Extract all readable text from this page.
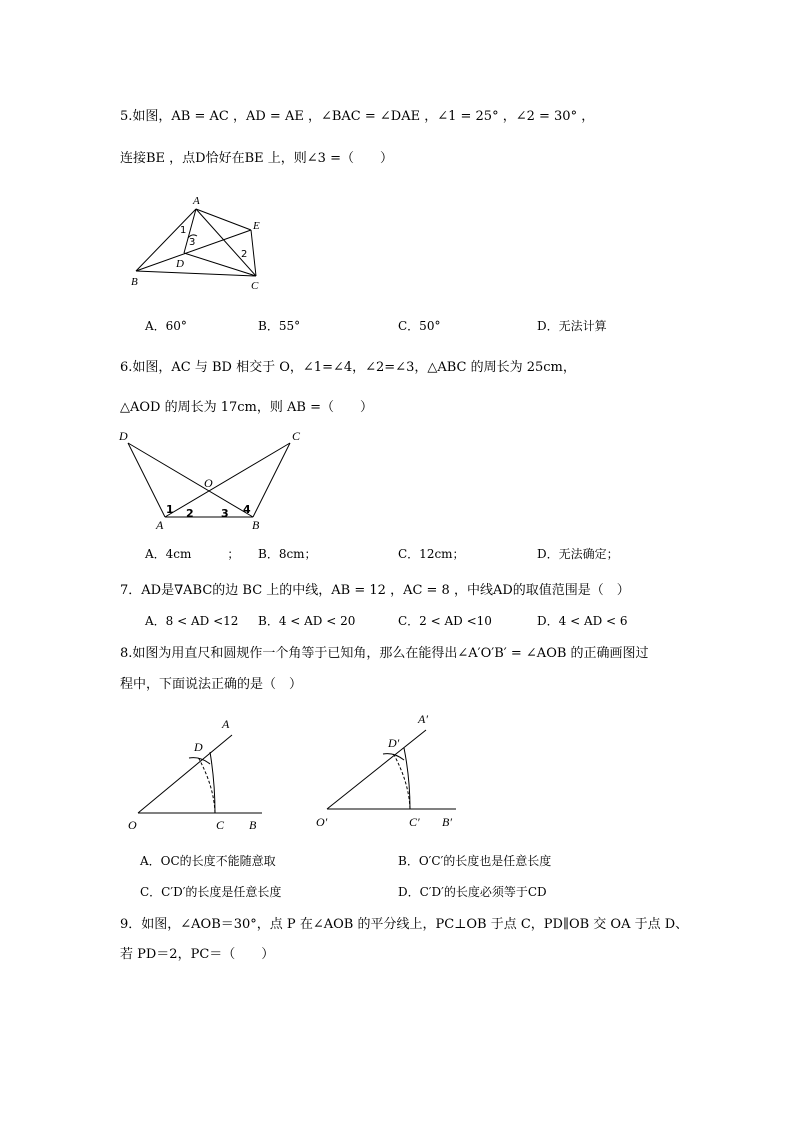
5.如图，AB = AC ，AD = AE ，∠BAC = ∠DAE ，∠1 = 25° ，∠2 = 30° ，
连接BE ，点D恰好在BE 上，则∠3 =（　　）
A
B	C
D
E
1
2
3
A．60°	B．55°	C．50°	D．无法计算
6.如图，AC 与 BD 相交于 O，∠1=∠4，∠2=∠3，△ABC 的周长为 25cm，
△AOD 的周长为 17cm，则 AB =（　　）
D	C
O
A	B
1 2 3 4
A．4cm　　　； B．8cm；	C．12cm；	D．无法确定；
7．AD是∇ABC的边 BC 上的中线，AB = 12 ，AC = 8 ，中线AD的取值范围是（　）
A．8 < AD <12 B．4 < AD < 20	C．2 < AD <10	D．4 < AD < 6
8.如图为用直尺和圆规作一个角等于已知角，那么在能得出∠A′O′B′ = ∠AOB 的正确画图过
程中，下面说法正确的是（　）
O	C B
D
A
O′	C′ B′
D′
A′
A．OC的长度不能随意取	B．O′C′的长度也是任意长度
C．C′D′的长度是任意长度	D．C′D′的长度必须等于CD
9．如图，∠AOB＝30°，点 P 在∠AOB 的平分线上，PC⊥OB 于点 C，PD∥OB 交 OA 于点 D、
若 PD＝2，PC＝（　　）
